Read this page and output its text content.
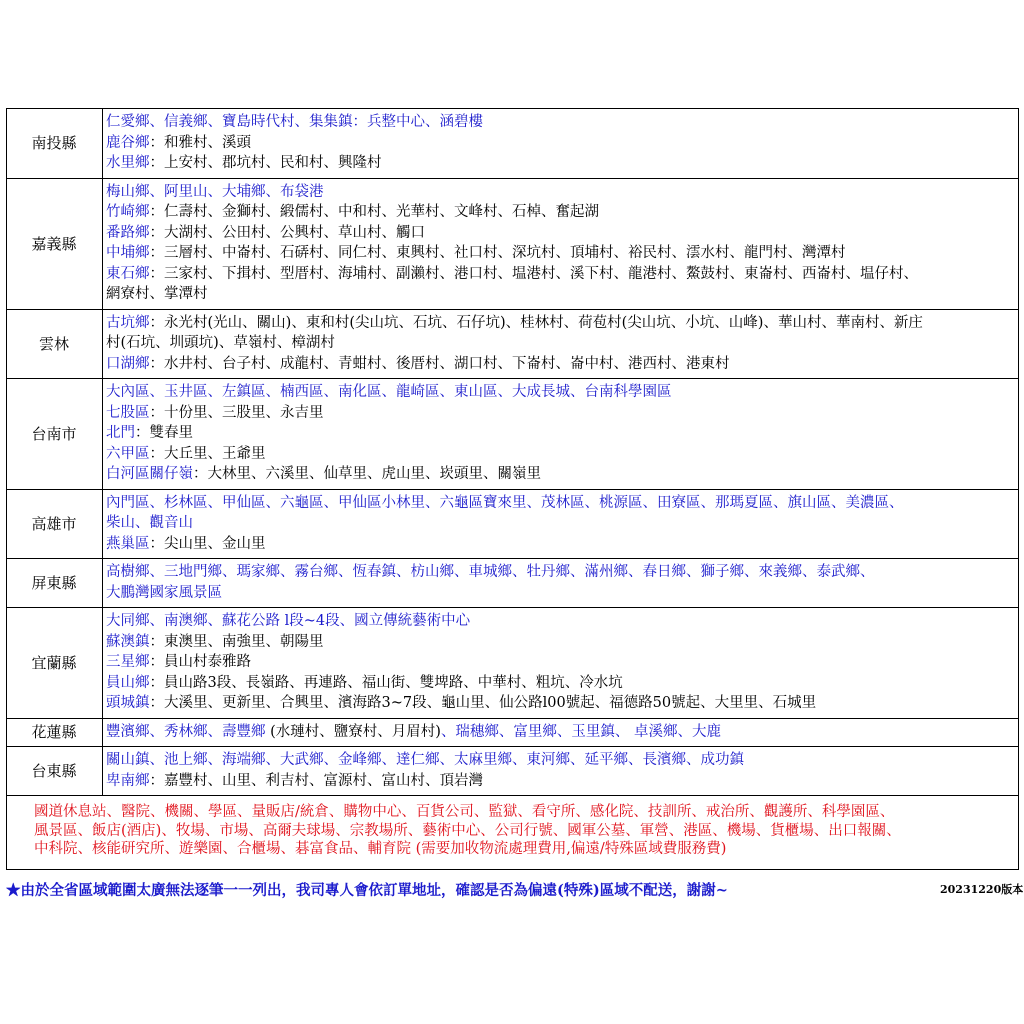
南投縣
仁愛鄉、信義鄉、寶島時代村、集集鎮：兵整中心、涵碧樓
鹿谷鄉：和雅村、溪頭
水里鄉：上安村、郡坑村、民和村、興隆村
嘉義縣
梅山鄉、阿里山、大埔鄉、布袋港
竹崎鄉：仁壽村、金獅村、緞儒村、中和村、光華村、文峰村、石棹、奮起湖
番路鄉：大湖村、公田村、公興村、草山村、觸口
中埔鄉：三層村、中崙村、石硦村、同仁村、東興村、社口村、深坑村、頂埔村、裕民村、澐水村、龍門村、灣潭村
東石鄉：三家村、下揖村、型厝村、海埔村、副瀨村、港口村、塭港村、溪下村、龍港村、鰲鼓村、東崙村、西崙村、塭仔村、
網寮村、掌潭村
雲林
古坑鄉：永光村(光山、關山)、東和村(尖山坑、石坑、石仔坑)、桂林村、荷苞村(尖山坑、小坑、山峰)、華山村、華南村、新庄
村(石坑、圳頭坑)、草嶺村、樟湖村
口湖鄉：水井村、台子村、成龍村、青蚶村、後厝村、湖口村、下崙村、崙中村、港西村、港東村
台南市
大內區、玉井區、左鎮區、楠西區、南化區、龍崎區、東山區、大成長城、台南科學園區
七股區：十份里、三股里、永吉里
北門：雙春里
六甲區：大丘里、王爺里
白河區關仔嶺：大林里、六溪里、仙草里、虎山里、崁頭里、關嶺里
高雄市
內門區、杉林區、甲仙區、六龜區、甲仙區小林里、六龜區寶來里、茂林區、桃源區、田寮區、那瑪夏區、旗山區、美濃區、
柴山、觀音山
燕巢區：尖山里、金山里
屏東縣
高樹鄉、三地門鄉、瑪家鄉、霧台鄉、恆春鎮、枋山鄉、車城鄉、牡丹鄉、滿州鄉、春日鄉、獅子鄉、來義鄉、泰武鄉、
大鵬灣國家風景區
宜蘭縣
大同鄉、南澳鄉、蘇花公路 l段~4段、國立傳統藝術中心
蘇澳鎮：東澳里、南強里、朝陽里
三星鄉：員山村泰雅路
員山鄉：員山路3段、長嶺路、再連路、福山街、雙埤路、中華村、粗坑、冷水坑
頭城鎮：大溪里、更新里、合興里、濱海路3~7段、龜山里、仙公路l00號起、福德路50號起、大里里、石城里
花蓮縣	豐濱鄉、秀林鄉、壽豐鄉 (水璉村、鹽寮村、月眉村)、瑞穗鄉、富里鄉、玉里鎮、 卓溪鄉、大鹿
台東縣
關山鎮、池上鄉、海端鄉、大武鄉、金峰鄉、達仁鄉、太麻里鄉、東河鄉、延平鄉、長濱鄉、成功鎮
卑南鄉：嘉豐村、山里、利吉村、富源村、富山村、頂岩灣
國道休息站、醫院、機關、學區、量販店/統倉、購物中心、百貨公司、監獄、看守所、感化院、技訓所、戒治所、觀護所、科學園區、
風景區、飯店(酒店)、牧場、市場、高爾夫球場、宗教場所、藝術中心、公司行號、國軍公墓、軍營、港區、機場、貨櫃場、出口報關、
中科院、核能研究所、遊樂園、合櫃場、碁富食品、輔育院 (需要加收物流處理費用,偏遠/特殊區域費服務費)
★由於全省區域範圍太廣無法逐筆一一列出，我司專人會依訂單地址，確認是否為偏遠(特殊)區域不配送，謝謝~	20231220版本
